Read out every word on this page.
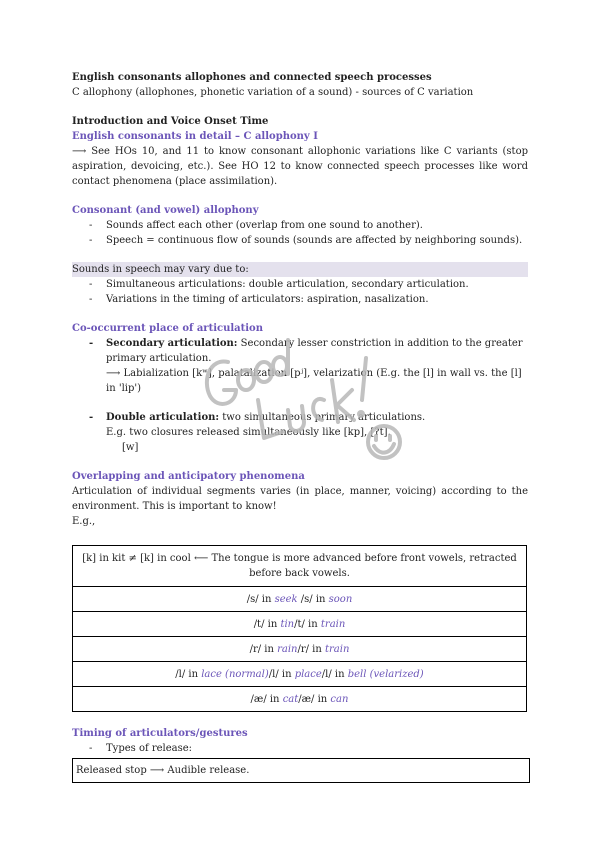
English consonants allophones and connected speech processes

C allophony (allophones, phonetic variation of a sound) - sources of C variation

Introduction and Voice Onset Time

English consonants in detail – C allophony I

⟶ See HOs 10, and 11 to know consonant allophonic variations like C variants (stop aspiration, devoicing, etc.). See HO 12 to know connected speech processes like word contact phenomena (place assimilation).

Consonant (and vowel) allophony

- Sounds affect each other (overlap from one sound to another).
- Speech = continuous flow of sounds (sounds are affected by neighboring sounds).
Sounds in speech may vary due to:
- Simultaneous articulations: double articulation, secondary articulation.
- Variations in the timing of articulators: aspiration, nasalization.

Co-occurrent place of articulation

- Secondary articulation: Secondary lesser constriction in addition to the greater primary articulation.
⟶ Labialization [kʷ], palatalization [pʲ], velarization (E.g. the [l] in wall vs. the [l] in 'lip')
- Double articulation: two simultaneous primary articulations.
E.g. two closures released simultaneously like [kp], [ʔt].
[w]

Overlapping and anticipatory phenomena

Articulation of individual segments varies (in place, manner, voicing) according to the environment. This is important to know!

E.g.,

[k] in kit ≠ [k] in cool ⟵ The tongue is more advanced before front vowels, retracted before back vowels.
/s/ in seek /s/ in soon
/t/ in tin/t/ in train
/r/ in rain/r/ in train
/l/ in lace (normal)/l/ in place/l/ in bell (velarized)
/æ/ in cat/æ/ in can

Timing of articulators/gestures

- Types of release:
Released stop ⟶ Audible release.
